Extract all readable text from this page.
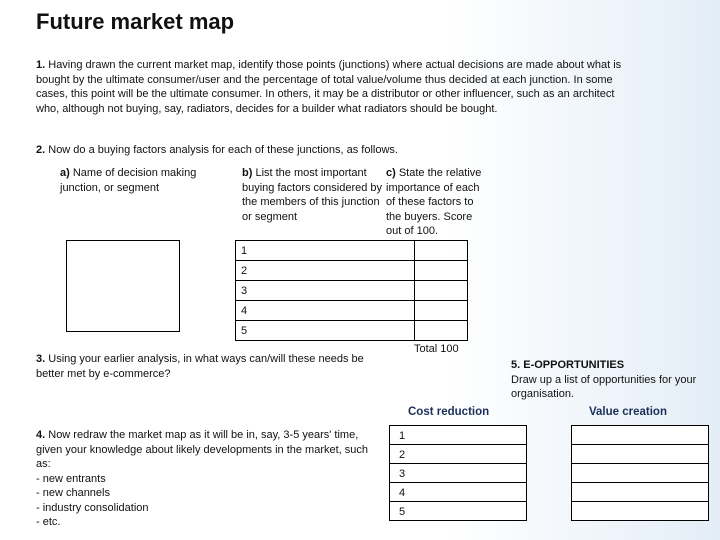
Future market map
1. Having drawn the current market map, identify those points (junctions) where actual decisions are made about what is bought by the ultimate consumer/user and the percentage of total value/volume thus decided at each junction. In some cases, this point will be the ultimate consumer. In others, it may be a distributor or other influencer, such as an architect who, although not buying, say, radiators, decides for a builder what radiators should be bought.
2. Now do a buying factors analysis for each of these junctions, as follows.
a) Name of decision making junction, or segment
b) List the most important buying factors considered by the members of this junction or segment
c) State the relative importance of each of these factors to the buyers. Score out of 100.
1
2
3
4
5
Total 100
3. Using your earlier analysis, in what ways can/will these needs be better met by e-commerce?
5. E-OPPORTUNITIES
Draw up a list of opportunities for your organisation.
Cost reduction	Value creation
4. Now redraw the market map as it will be in, say, 3-5 years' time, given your knowledge about likely developments in the market, such as:
- new entrants
- new channels
- industry consolidation
- etc.
1
2
3
4
5
